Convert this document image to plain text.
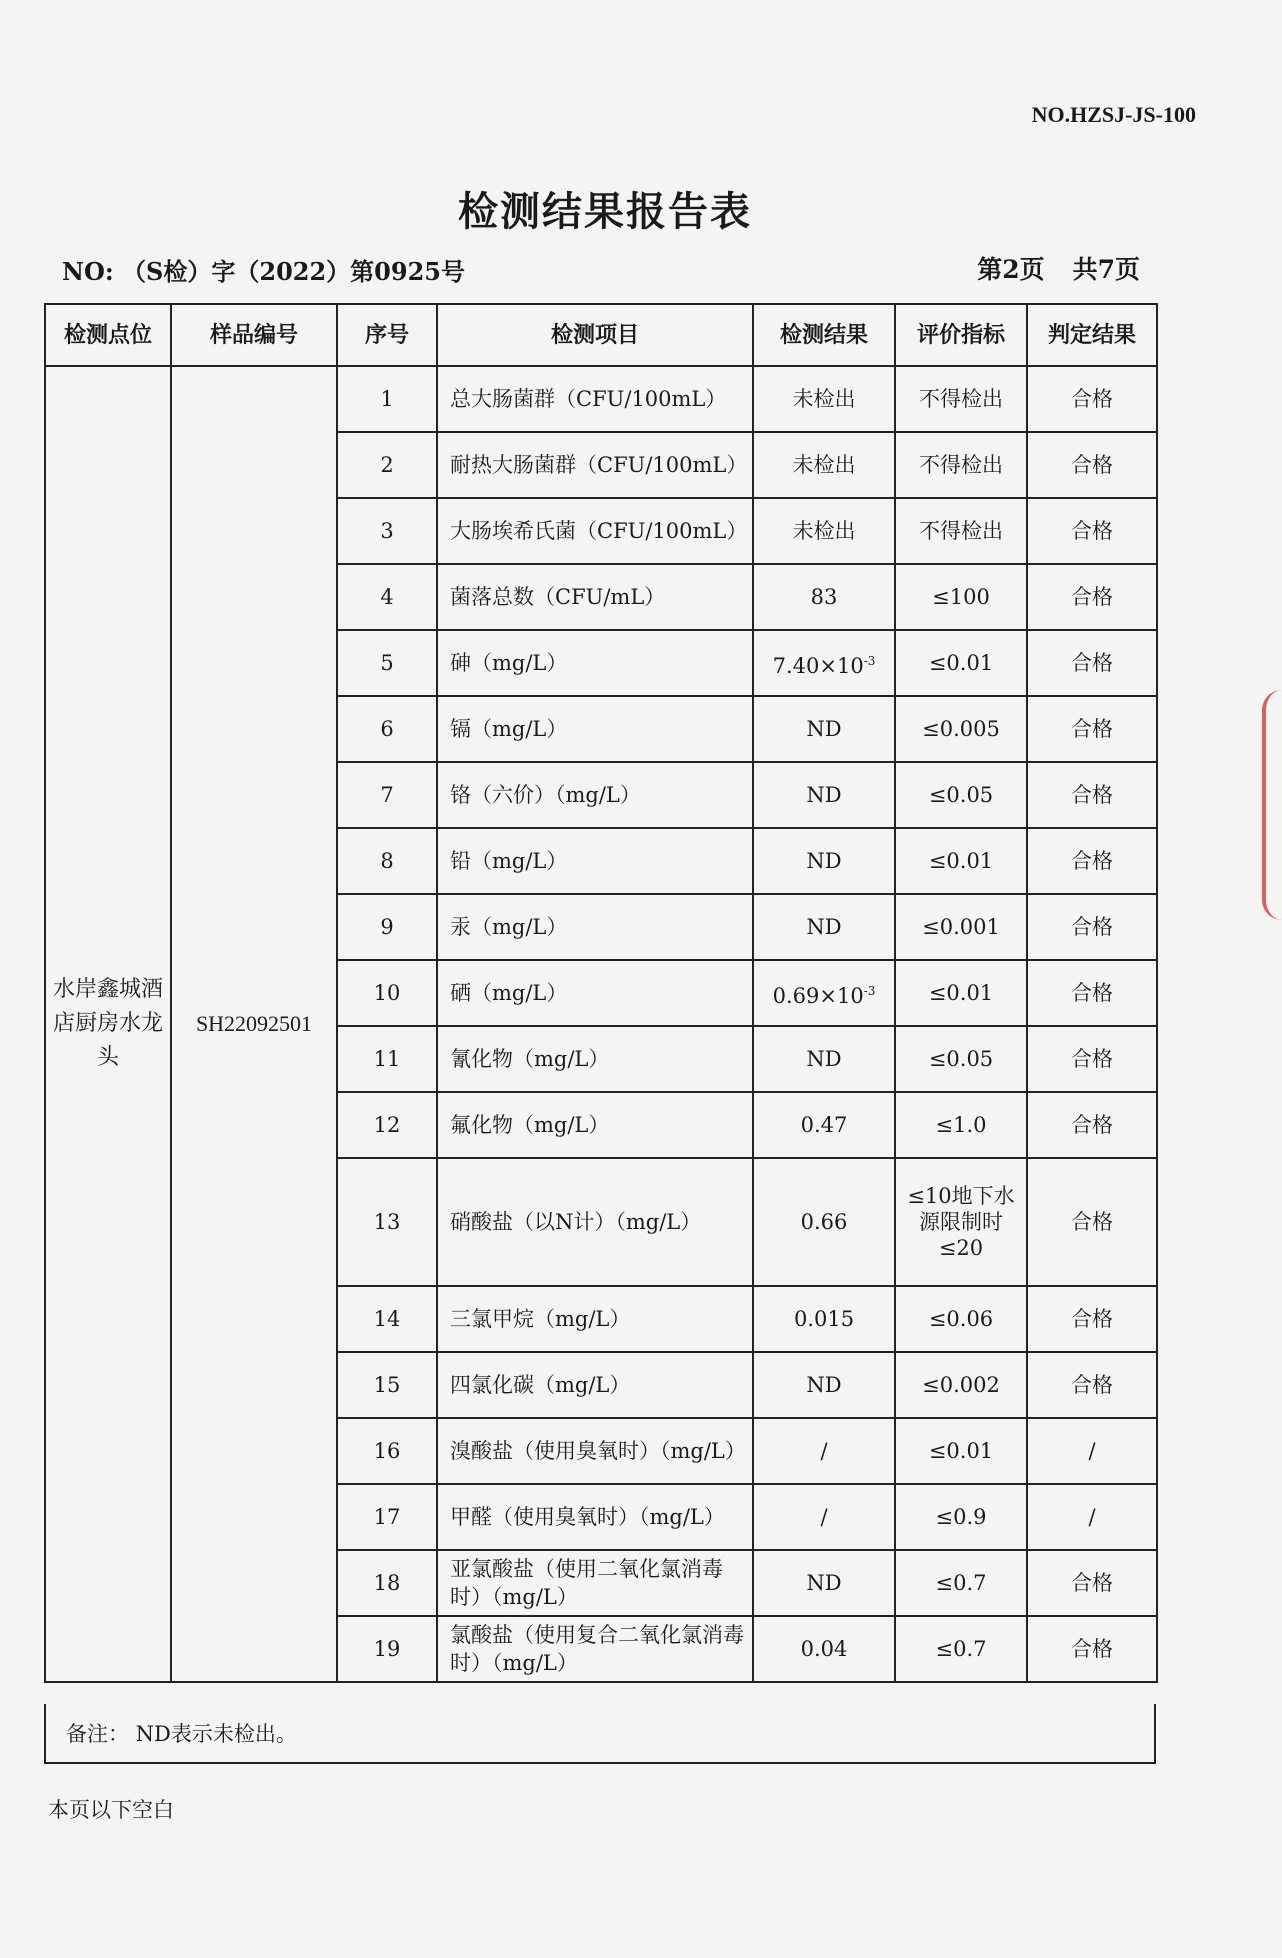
NO.HZSJ-JS-100
检测结果报告表
NO: （S检）字（2022）第0925号	第2页 共7页
检测点位	样品编号	序号	检测项目	检测结果	评价指标	判定结果
水岸鑫城酒店厨房水龙头	SH22092501	1	总大肠菌群（CFU/100mL）	未检出	不得检出	合格
		2	耐热大肠菌群（CFU/100mL）	未检出	不得检出	合格
		3	大肠埃希氏菌（CFU/100mL）	未检出	不得检出	合格
		4	菌落总数（CFU/mL）	83	≤100	合格
		5	砷（mg/L）	$7.40\times 10^{-3}$	≤0.01	合格
		6	镉（mg/L）	ND	≤0.005	合格
		7	铬（六价）（mg/L）	ND	≤0.05	合格
		8	铅（mg/L）	ND	≤0.01	合格
		9	汞（mg/L）	ND	≤0.001	合格
		10	硒（mg/L）	$0.69\times 10^{-3}$	≤0.01	合格
		11	氰化物（mg/L）	ND	≤0.05	合格
		12	氟化物（mg/L）	0.47	≤1.0	合格
		13	硝酸盐（以N计）（mg/L）	0.66	≤10地下水源限制时≤20	合格
		14	三氯甲烷（mg/L）	0.015	≤0.06	合格
		15	四氯化碳（mg/L）	ND	≤0.002	合格
		16	溴酸盐（使用臭氧时）（mg/L）	/	≤0.01	/
		17	甲醛（使用臭氧时）（mg/L）	/	≤0.9	/
		18	亚氯酸盐（使用二氧化氯消毒时）（mg/L）	ND	≤0.7	合格
		19	氯酸盐（使用复合二氧化氯消毒时）（mg/L）	0.04	≤0.7	合格
备注： ND表示未检出。
本页以下空白
